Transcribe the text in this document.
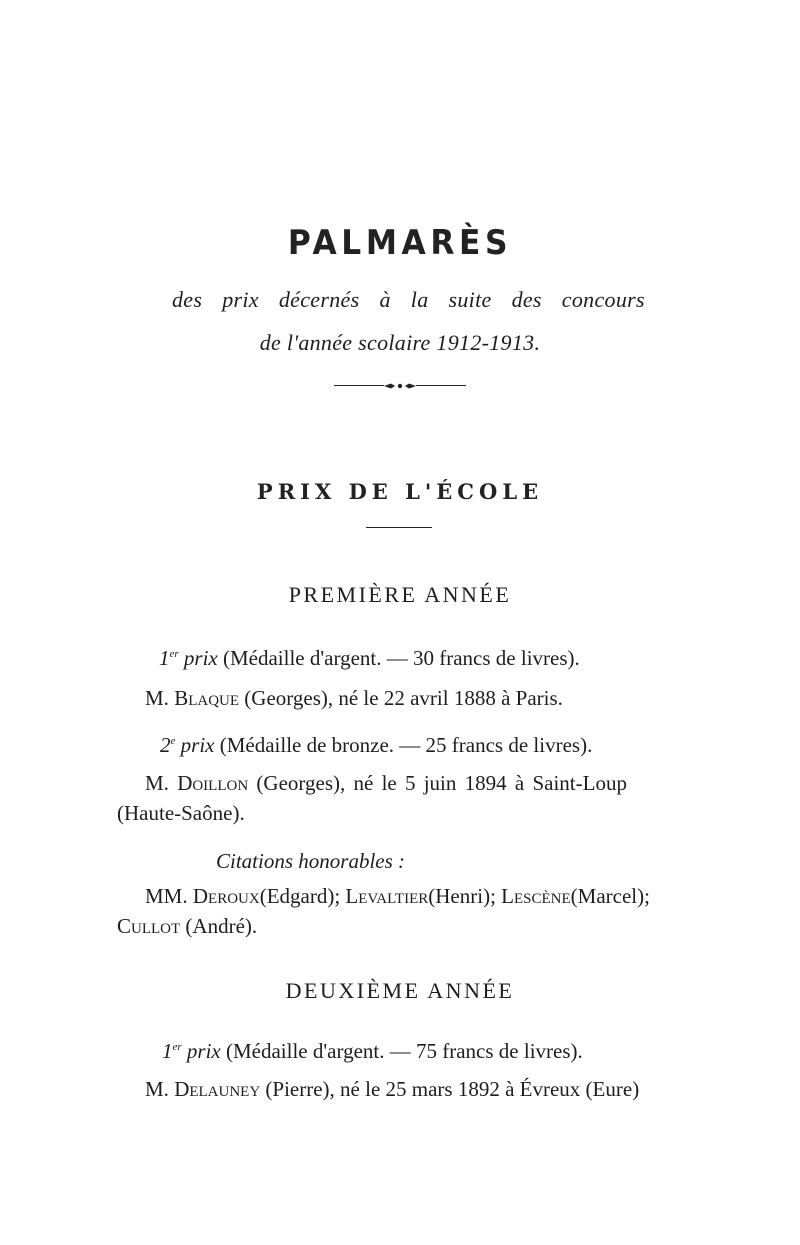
PALMARÈS
des prix décernés à la suite des concours
de l'année scolaire 1912-1913.
PRIX DE L'ÉCOLE
PREMIÈRE ANNÉE
1er prix (Médaille d'argent. — 30 francs de livres).
M. Blaque (Georges), né le 22 avril 1888 à Paris.
2e prix (Médaille de bronze. — 25 francs de livres).
M. Doillon (Georges), né le 5 juin 1894 à Saint-Loup
(Haute-Saône).
Citations honorables :
MM. Deroux(Edgard); Levaltier(Henri); Lescène(Marcel);
Cullot (André).
DEUXIÈME ANNÉE
1er prix (Médaille d'argent. — 75 francs de livres).
M. Delauney (Pierre), né le 25 mars 1892 à Évreux (Eure)
